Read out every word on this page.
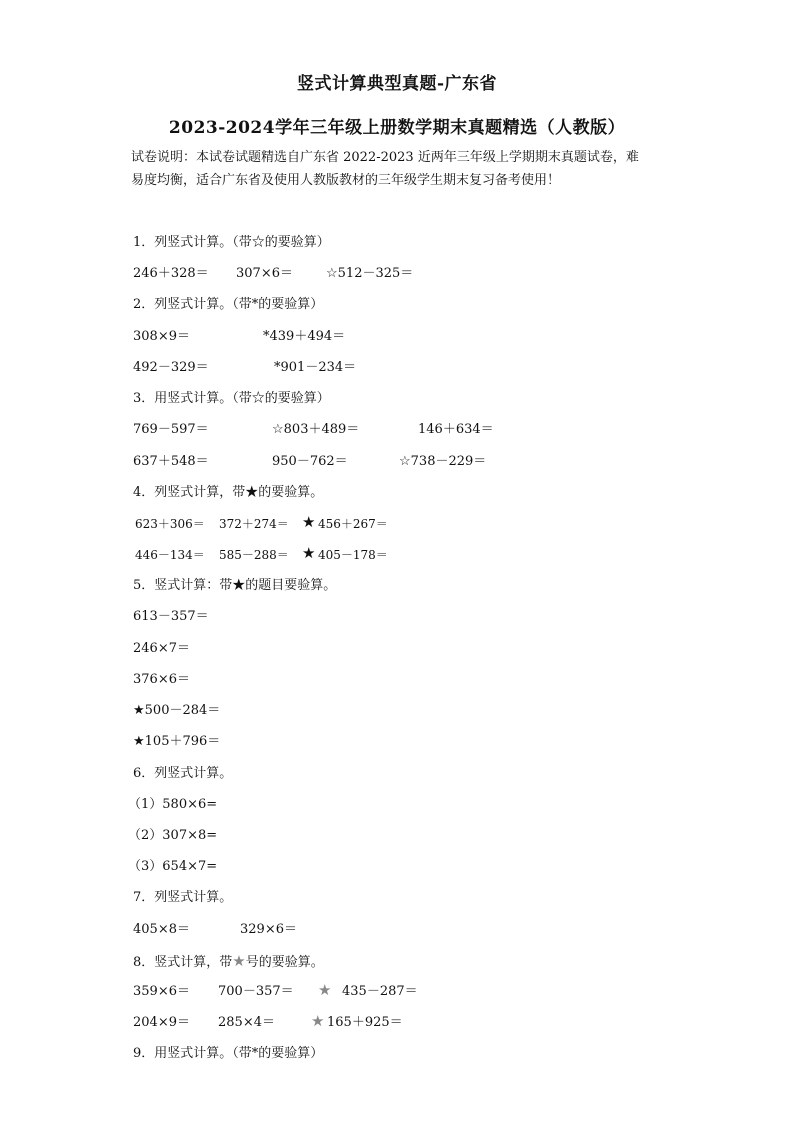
竖式计算典型真题-广东省
2023-2024学年三年级上册数学期末真题精选（人教版）
试卷说明：本试卷试题精选自广东省 2022-2023 近两年三年级上学期期末真题试卷，难
易度均衡，适合广东省及使用人教版教材的三年级学生期末复习备考使用！
1．列竖式计算。（带☆的要验算）
246＋328＝ 307×6＝	☆512－325＝
2．列竖式计算。（带*的要验算）
308×9＝	*439＋494＝
492－329＝	*901－234＝
3．用竖式计算。（带☆的要验算）
769－597＝	☆803＋489＝	146＋634＝
637＋548＝	950－762＝	☆738－229＝
4．列竖式计算，带★的要验算。
623＋306＝ 372＋274＝ ★ 456＋267＝
446－134＝ 585－288＝ ★ 405－178＝
5．竖式计算：带★的题目要验算。
613－357＝
246×7＝
376×6＝
★500－284＝
★105＋796＝
6．列竖式计算。
（1）580×6=
（2）307×8=
（3）654×7=
7．列竖式计算。
405×8＝	329×6＝
8．竖式计算，带★号的要验算。
359×6＝ 700－357＝ ★ 435－287＝
204×9＝ 285×4＝ ★ 165＋925＝
9．用竖式计算。（带*的要验算）
